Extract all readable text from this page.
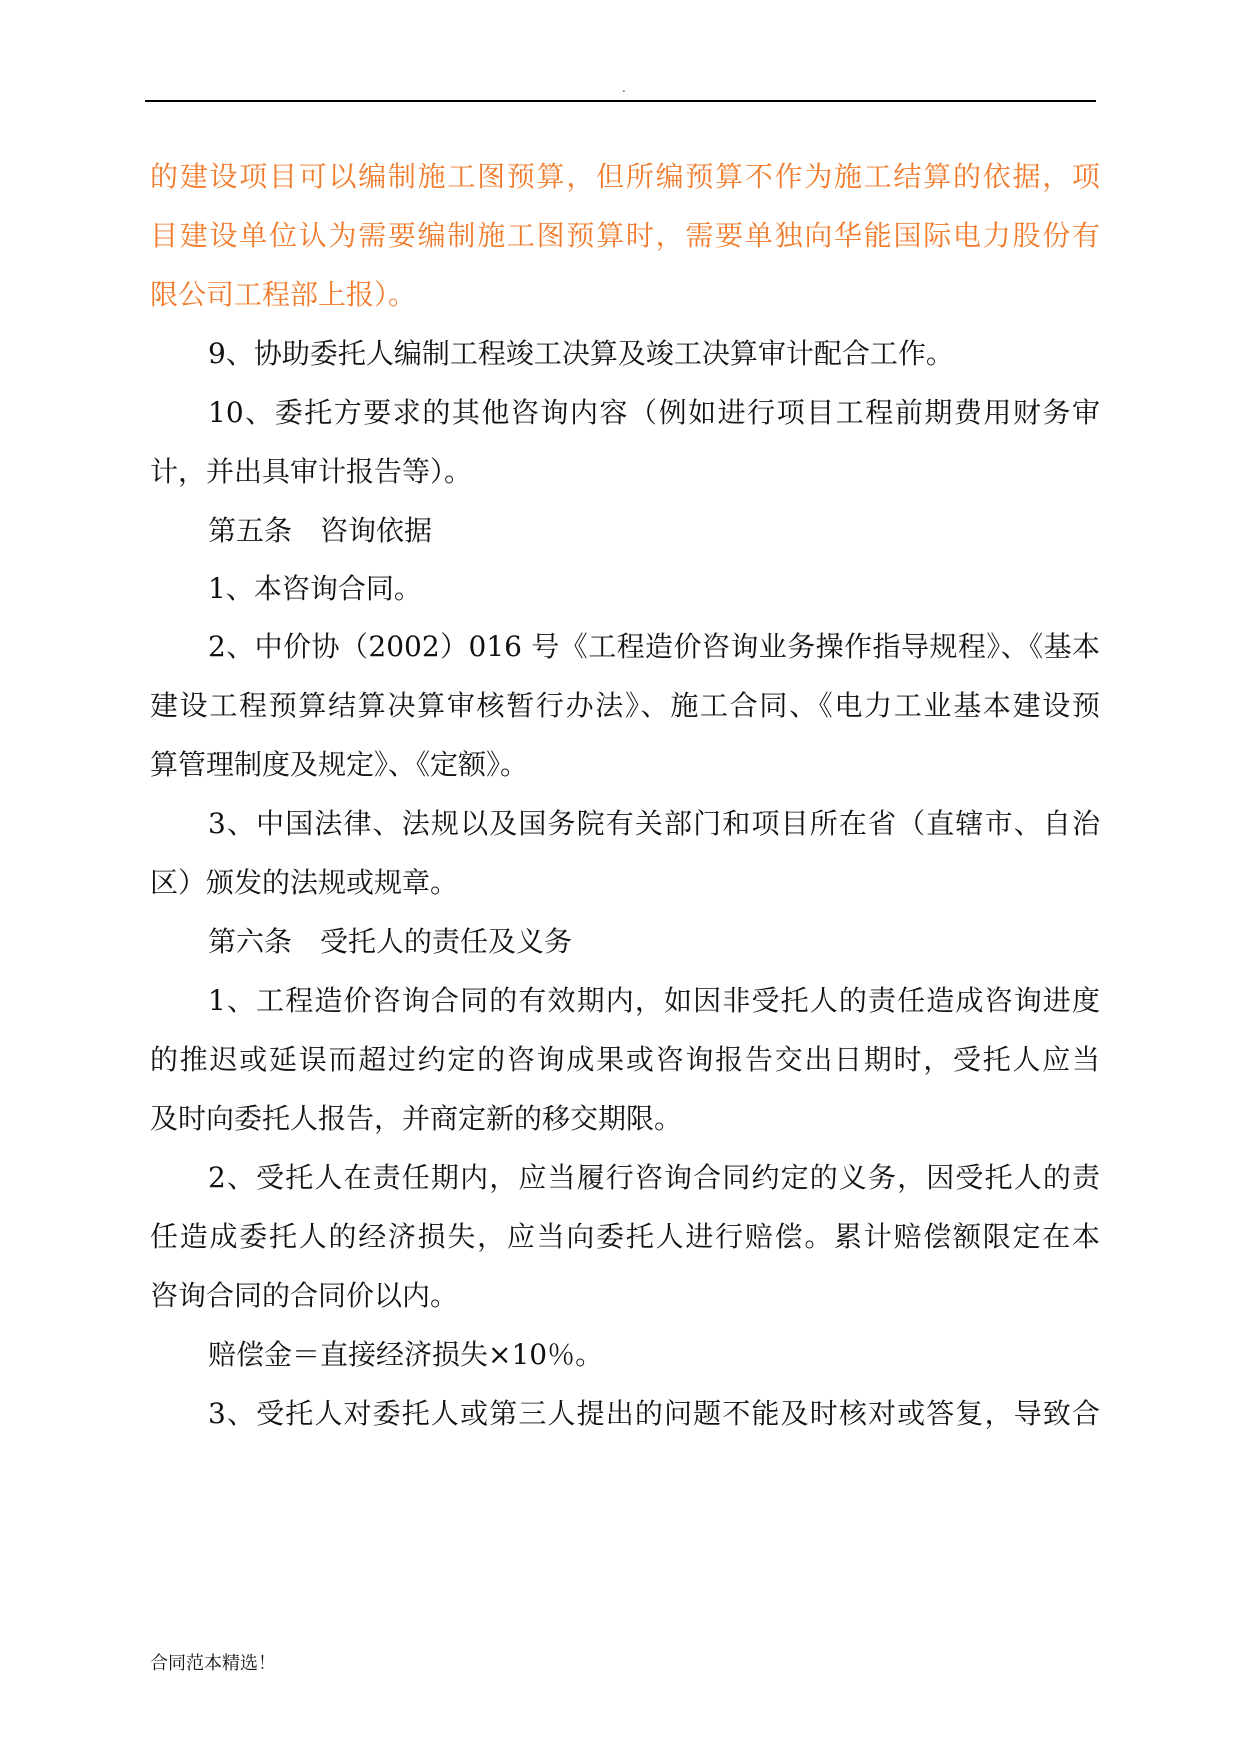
.
的建设项目可以编制施工图预算，但所编预算不作为施工结算的依据，项
目建设单位认为需要编制施工图预算时，需要单独向华能国际电力股份有
限公司工程部上报）。
9、协助委托人编制工程竣工决算及竣工决算审计配合工作。
10、委托方要求的其他咨询内容（例如进行项目工程前期费用财务审
计，并出具审计报告等）。
第五条　咨询依据
1、本咨询合同。
2、中价协（2002）016 号《工程造价咨询业务操作指导规程》、《基本
建设工程预算结算决算审核暂行办法》、施工合同、《电力工业基本建设预
算管理制度及规定》、《定额》。
3、中国法律、法规以及国务院有关部门和项目所在省（直辖市、自治
区）颁发的法规或规章。
第六条　受托人的责任及义务
1、工程造价咨询合同的有效期内，如因非受托人的责任造成咨询进度
的推迟或延误而超过约定的咨询成果或咨询报告交出日期时，受托人应当
及时向委托人报告，并商定新的移交期限。
2、受托人在责任期内，应当履行咨询合同约定的义务，因受托人的责
任造成委托人的经济损失，应当向委托人进行赔偿。累计赔偿额限定在本
咨询合同的合同价以内。
赔偿金＝直接经济损失×10％。
3、受托人对委托人或第三人提出的问题不能及时核对或答复，导致合
合同范本精选！
